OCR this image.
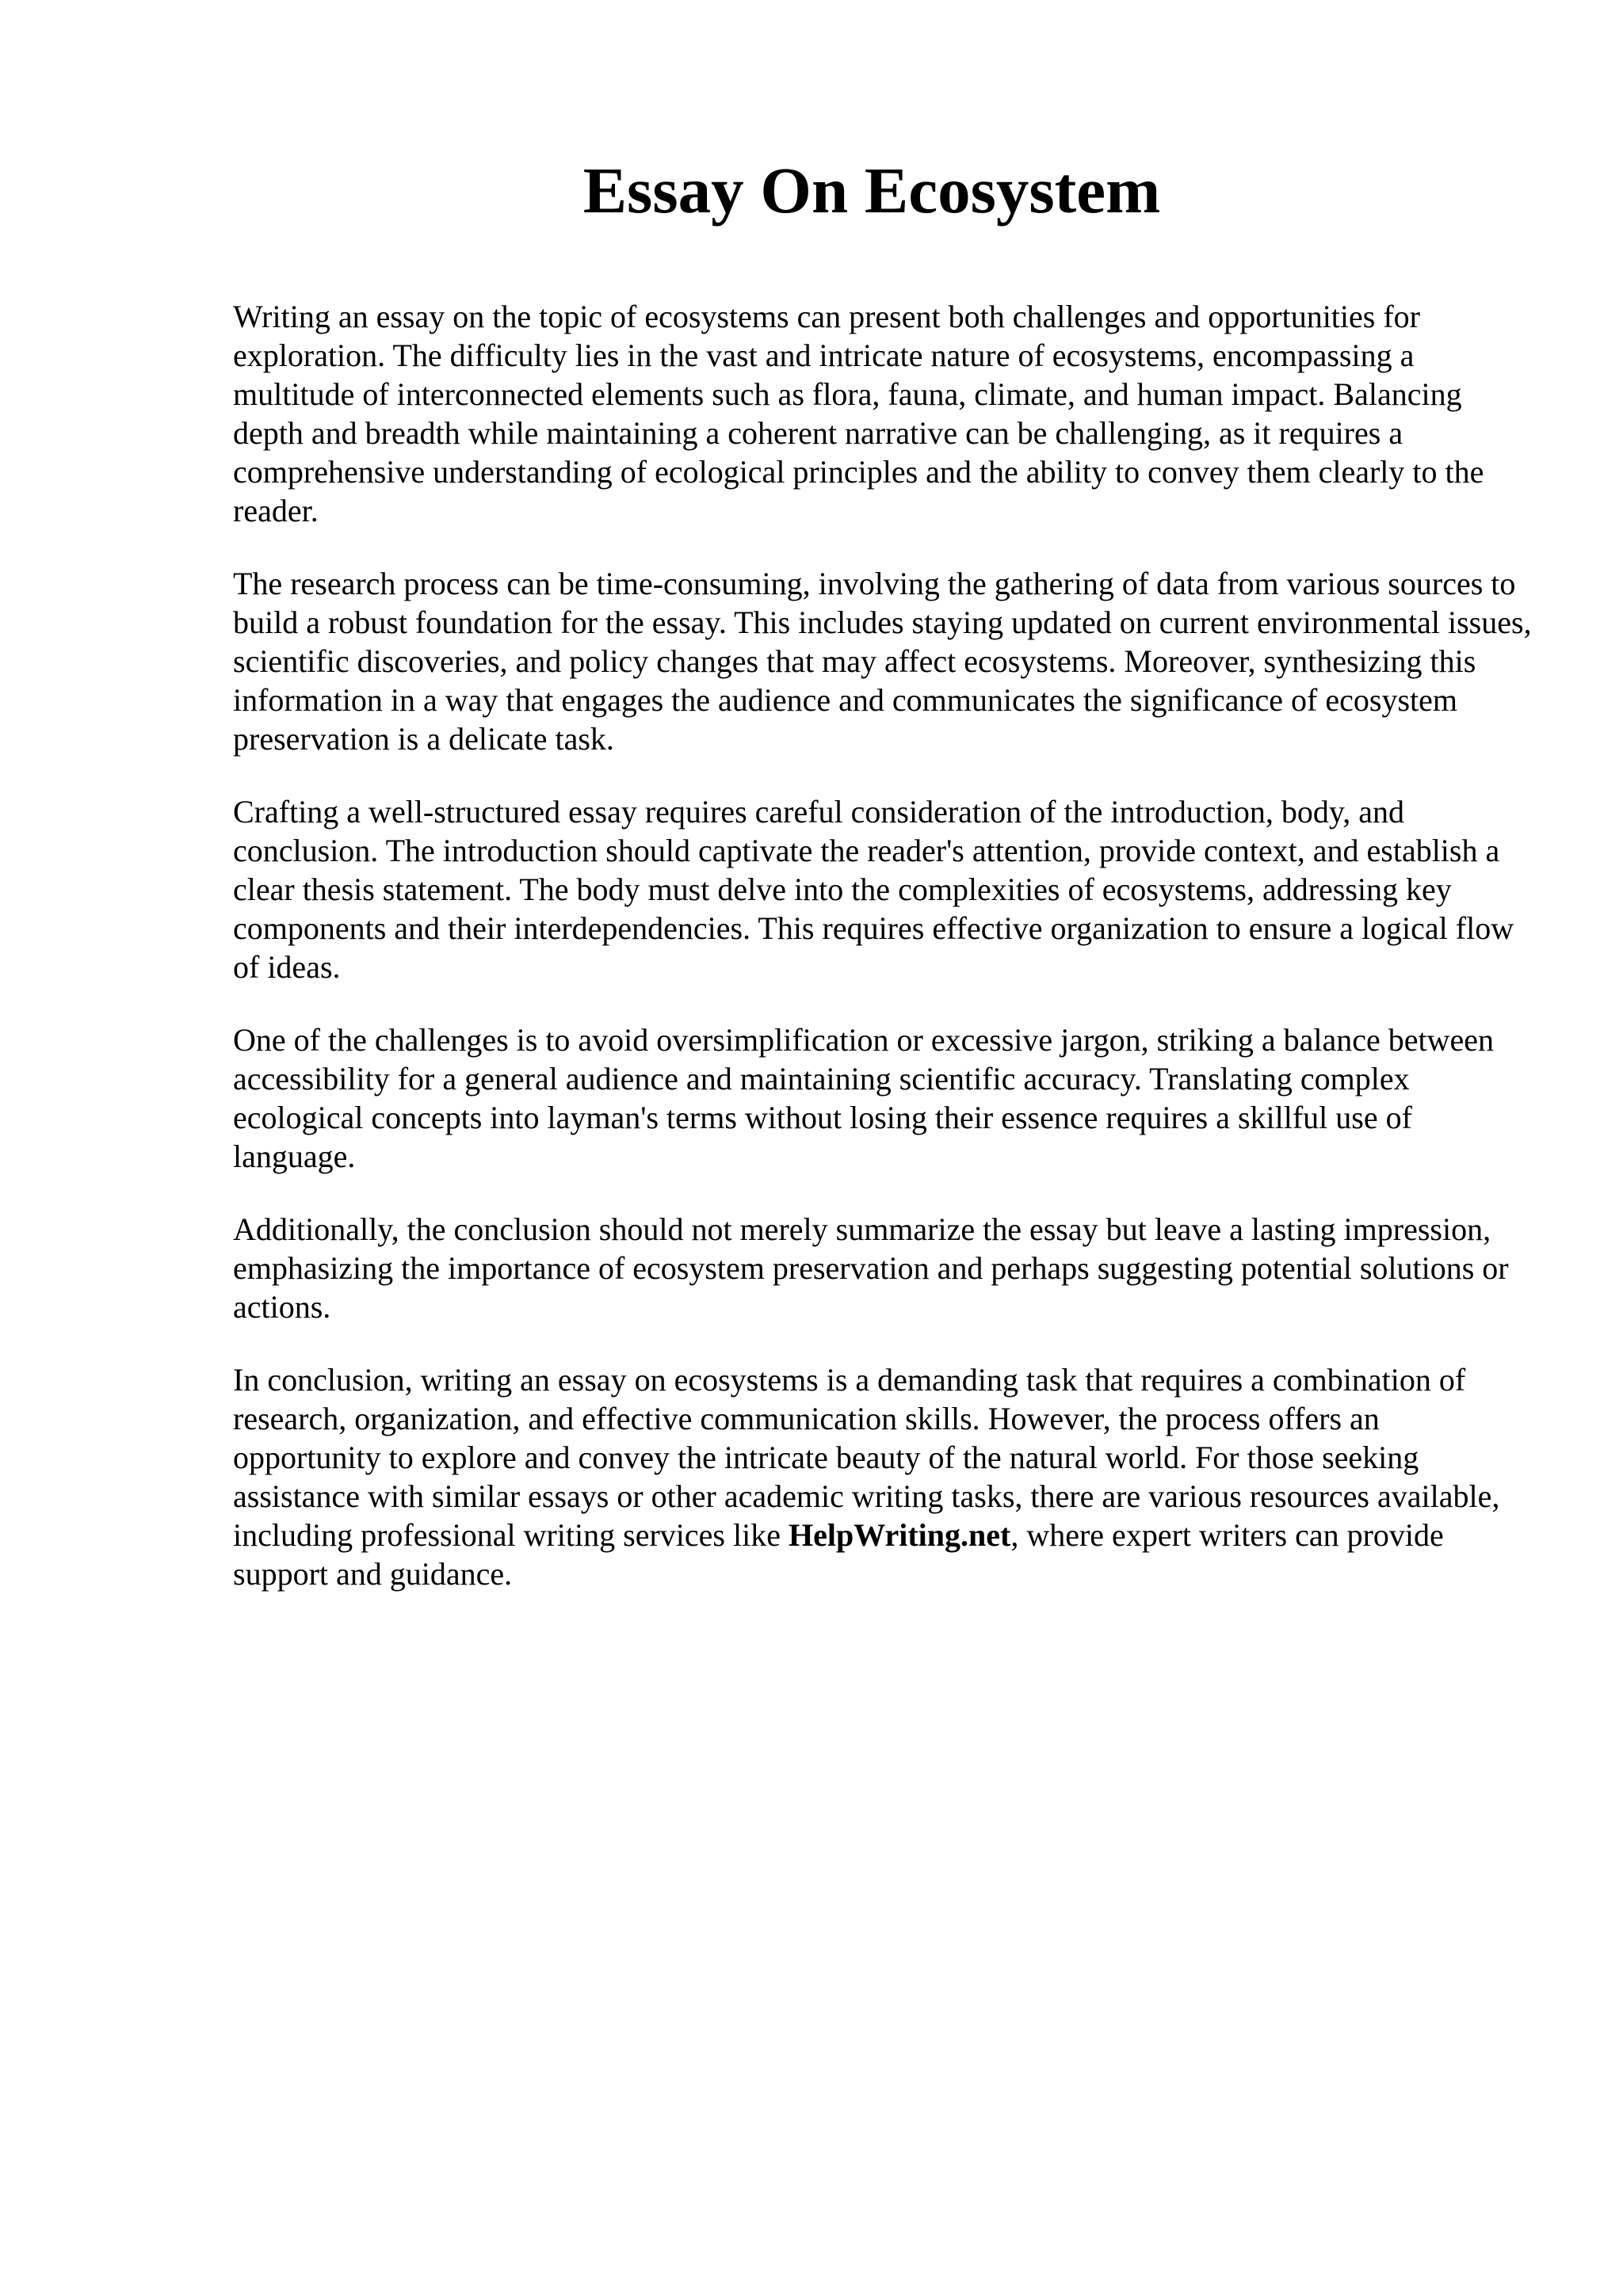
Essay On Ecosystem

Writing an essay on the topic of ecosystems can present both challenges and opportunities for exploration. The difficulty lies in the vast and intricate nature of ecosystems, encompassing a multitude of interconnected elements such as flora, fauna, climate, and human impact. Balancing depth and breadth while maintaining a coherent narrative can be challenging, as it requires a comprehensive understanding of ecological principles and the ability to convey them clearly to the reader.

The research process can be time-consuming, involving the gathering of data from various sources to build a robust foundation for the essay. This includes staying updated on current environmental issues, scientific discoveries, and policy changes that may affect ecosystems. Moreover, synthesizing this information in a way that engages the audience and communicates the significance of ecosystem preservation is a delicate task.

Crafting a well-structured essay requires careful consideration of the introduction, body, and conclusion. The introduction should captivate the reader's attention, provide context, and establish a clear thesis statement. The body must delve into the complexities of ecosystems, addressing key components and their interdependencies. This requires effective organization to ensure a logical flow of ideas.

One of the challenges is to avoid oversimplification or excessive jargon, striking a balance between accessibility for a general audience and maintaining scientific accuracy. Translating complex ecological concepts into layman's terms without losing their essence requires a skillful use of language.

Additionally, the conclusion should not merely summarize the essay but leave a lasting impression, emphasizing the importance of ecosystem preservation and perhaps suggesting potential solutions or actions.

In conclusion, writing an essay on ecosystems is a demanding task that requires a combination of research, organization, and effective communication skills. However, the process offers an opportunity to explore and convey the intricate beauty of the natural world. For those seeking assistance with similar essays or other academic writing tasks, there are various resources available, including professional writing services like HelpWriting.net, where expert writers can provide support and guidance.
